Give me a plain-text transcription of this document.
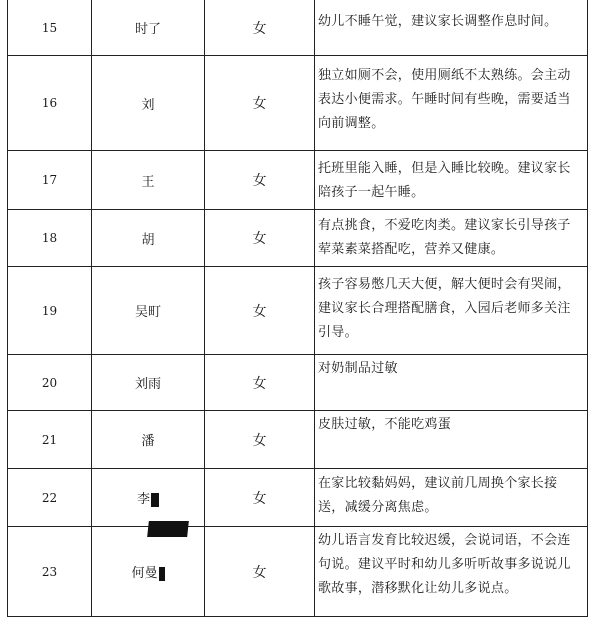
15	时了	女	幼儿不睡午觉，建议家长调整作息时间。
16	刘	女	独立如厕不会，使用厕纸不太熟练。会主动表达小便需求。午睡时间有些晚，需要适当向前调整。
17	王	女	托班里能入睡，但是入睡比较晚。建议家长陪孩子一起午睡。
18	胡	女	有点挑食，不爱吃肉类。建议家长引导孩子荤菜素菜搭配吃，营养又健康。
19	吴町	女	孩子容易憋几天大便，解大便时会有哭闹，建议家长合理搭配膳食，入园后老师多关注引导。
20	刘雨	女	对奶制品过敏
21	潘	女	皮肤过敏，不能吃鸡蛋
22	李	女	在家比较黏妈妈，建议前几周换个家长接送，减缓分离焦虑。
23	何曼	女	幼儿语言发育比较迟缓，会说词语，不会连句说。建议平时和幼儿多听听故事多说说儿歌故事，潜移默化让幼儿多说点。
